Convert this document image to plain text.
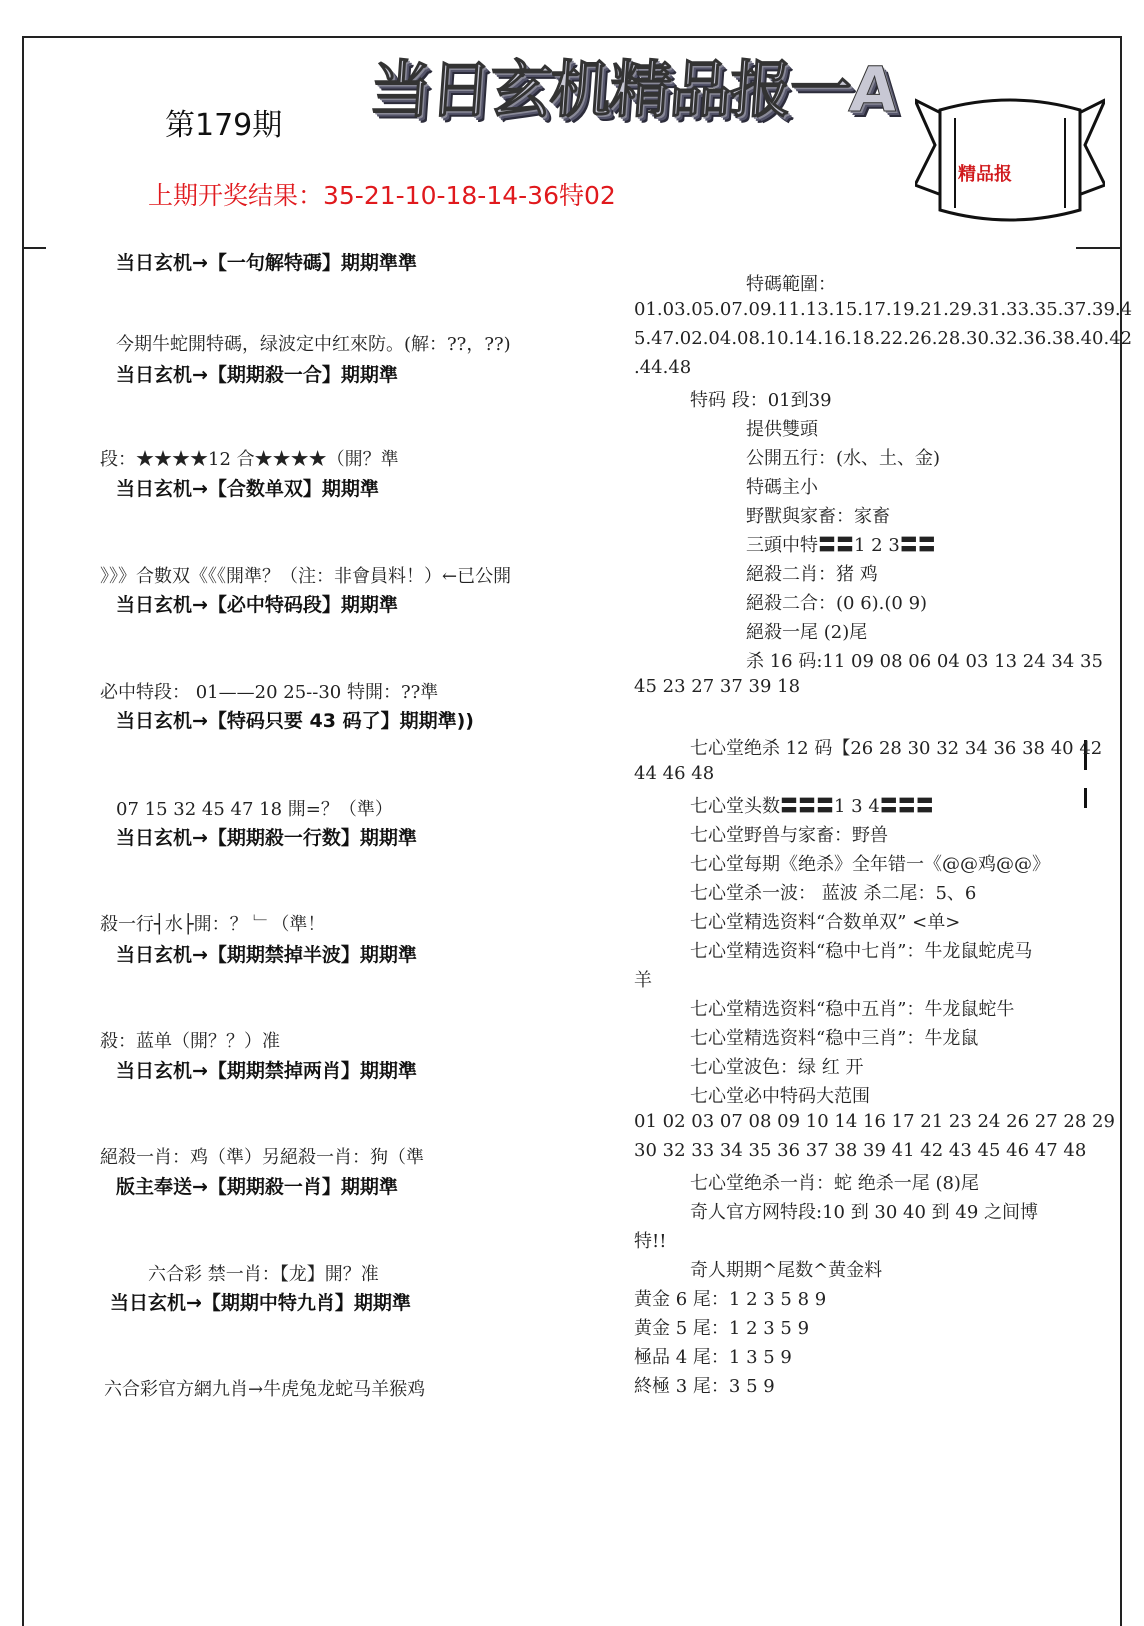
当日玄机精品报一A
精品报
第179期
上期开奖结果：35-21-10-18-14-36特02
当日玄机→【一句解特碼】期期準準
今期牛蛇開特碼，绿波定中红來防。(解：??，??)
当日玄机→【期期殺一合】期期準
段：★★★★12 合★★★★（開？準
当日玄机→【合数单双】期期準
》》》合數双《《《開準？（注：非會員料！）←已公開
当日玄机→【必中特码段】期期準
必中特段： 01——20 25--30 特開：??準
当日玄机→【特码只要 43 码了】期期準))
07 15 32 45 47 18 開=？（準）
当日玄机→【期期殺一行数】期期準
殺一行┤水├開：？ ﹂（準！
当日玄机→【期期禁掉半波】期期準
殺：蓝单（開？？）准
当日玄机→【期期禁掉两肖】期期準
絕殺一肖：鸡（準）另絕殺一肖：狗（準
版主奉送→【期期殺一肖】期期準
六合彩 禁一肖：【龙】開？准
当日玄机→【期期中特九肖】期期準
六合彩官方網九肖→牛虎兔龙蛇马羊猴鸡
特碼範圍：
01.03.05.07.09.11.13.15.17.19.21.29.31.33.35.37.39.4
5.47.02.04.08.10.14.16.18.22.26.28.30.32.36.38.40.42
.44.48
特码 段：01到39
提供雙頭
公開五行：(水、土、金)
特碼主小
野獸與家畜：家畜
三頭中特〓〓1 2 3〓〓
絕殺二肖：猪 鸡
絕殺二合：(0 6).(0 9)
絕殺一尾 (2)尾
杀 16 码:11 09 08 06 04 03 13 24 34 35
45 23 27 37 39 18
七心堂绝杀 12 码【26 28 30 32 34 36 38 40 42
44 46 48
七心堂头数〓〓〓1 3 4〓〓〓
七心堂野兽与家畜：野兽
七心堂每期《绝杀》全年错一《@@鸡@@》
七心堂杀一波： 蓝波 杀二尾：5、6
七心堂精选资料“合数单双” <单>
七心堂精选资料“稳中七肖”：牛龙鼠蛇虎马
羊
七心堂精选资料“稳中五肖”：牛龙鼠蛇牛
七心堂精选资料“稳中三肖”：牛龙鼠
七心堂波色：绿 红 开
七心堂必中特码大范围
01 02 03 07 08 09 10 14 16 17 21 23 24 26 27 28 29
30 32 33 34 35 36 37 38 39 41 42 43 45 46 47 48
七心堂绝杀一肖：蛇 绝杀一尾 (8)尾
奇人官方网特段:10 到 30 40 到 49 之间博
特!!
奇人期期^尾数^黄金料
黄金 6 尾：1 2 3 5 8 9
黄金 5 尾：1 2 3 5 9
極品 4 尾：1 3 5 9
終極 3 尾：3 5 9
